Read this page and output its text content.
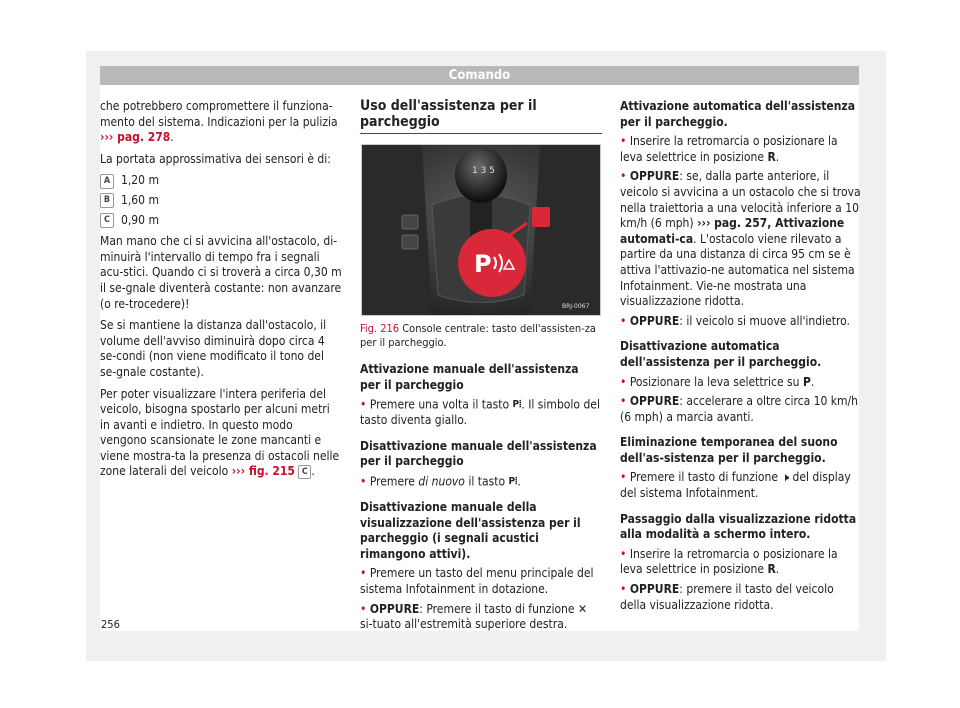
Comando

che potrebbero compromettere il funziona-mento del sistema. Indicazioni per la pulizia
››› pag. 278.

La portata approssimativa dei sensori è di:

A 1,20 m
B 1,60 m
C 0,90 m

Man mano che ci si avvicina all'ostacolo, di-minuirà l'intervallo di tempo fra i segnali acu-stici. Quando ci si troverà a circa 0,30 m il se-gnale diventerà costante: non avanzare (o re-trocedere)!

Se si mantiene la distanza dall'ostacolo, il volume dell'avviso diminuirà dopo circa 4 se-condi (non viene modificato il tono del se-gnale costante).

Per poter visualizzare l'intera periferia del veicolo, bisogna spostarlo per alcuni metri in avanti e indietro. In questo modo vengono scansionate le zone mancanti e viene mostra-ta la presenza di ostacoli nelle zone laterali del veicolo ››› fig. 215 C .

Uso dell'assistenza per il parcheggio
1 3 5
P
BRJ-0067
Fig. 216 Console centrale: tasto dell'assisten-za per il parcheggio.
Attivazione manuale dell'assistenza per il parcheggio
• Premere una volta il tasto P⦙. Il simbolo del tasto diventa giallo.
Disattivazione manuale dell'assistenza per il parcheggio
• Premere di nuovo il tasto P⦙.
Disattivazione manuale della visualizzazione dell'assistenza per il parcheggio (i segnali acustici rimangono attivi).
• Premere un tasto del menu principale del sistema Infotainment in dotazione.
• OPPURE: Premere il tasto di funzione ✕ si-tuato all'estremità superiore destra.
Attivazione automatica dell'assistenza per il parcheggio.
• Inserire la retromarcia o posizionare la leva selettrice in posizione R.
• OPPURE: se, dalla parte anteriore, il veicolo si avvicina a un ostacolo che si trova nella traiettoria a una velocità inferiore a 10 km/h (6 mph) ››› pag. 257, Attivazione automati-ca. L'ostacolo viene rilevato a partire da una distanza di circa 95 cm se è attiva l'attivazio-ne automatica nel sistema Infotainment. Vie-ne mostrata una visualizzazione ridotta.
• OPPURE: il veicolo si muove all'indietro.
Disattivazione automatica dell'assistenza per il parcheggio.
• Posizionare la leva selettrice su P.
• OPPURE: accelerare a oltre circa 10 km/h (6 mph) a marcia avanti.
Eliminazione temporanea del suono dell'as-sistenza per il parcheggio.
• Premere il tasto di funzione 🕨 del display del sistema Infotainment.
Passaggio dalla visualizzazione ridotta alla modalità a schermo intero.
• Inserire la retromarcia o posizionare la leva selettrice in posizione R.
• OPPURE: premere il tasto del veicolo della visualizzazione ridotta.
256
